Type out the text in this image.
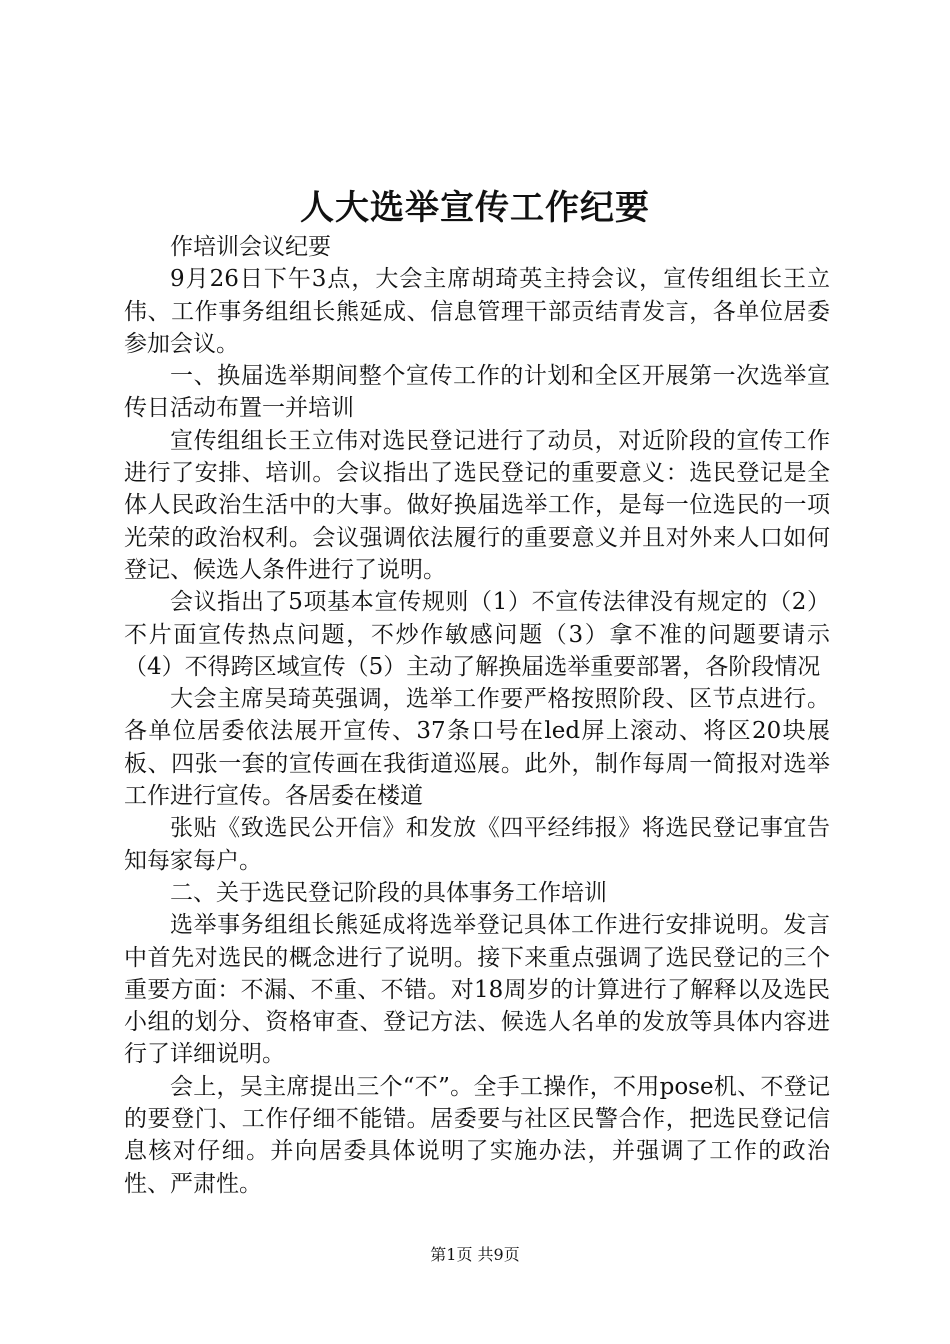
人大选举宣传工作纪要

作培训会议纪要

9月26日下午3点，大会主席胡琦英主持会议，宣传组组长王立伟、工作事务组组长熊延成、信息管理干部贡结青发言，各单位居委参加会议。

一、换届选举期间整个宣传工作的计划和全区开展第一次选举宣传日活动布置一并培训

宣传组组长王立伟对选民登记进行了动员，对近阶段的宣传工作进行了安排、培训。会议指出了选民登记的重要意义：选民登记是全体人民政治生活中的大事。做好换届选举工作，是每一位选民的一项光荣的政治权利。会议强调依法履行的重要意义并且对外来人口如何登记、候选人条件进行了说明。

会议指出了5项基本宣传规则（1）不宣传法律没有规定的（2）不片面宣传热点问题，不炒作敏感问题（3）拿不准的问题要请示（4）不得跨区域宣传（5）主动了解换届选举重要部署，各阶段情况

大会主席吴琦英强调，选举工作要严格按照阶段、区节点进行。各单位居委依法展开宣传、37条口号在led屏上滚动、将区20块展板、四张一套的宣传画在我街道巡展。此外，制作每周一简报对选举工作进行宣传。各居委在楼道

张贴《致选民公开信》和发放《四平经纬报》将选民登记事宜告知每家每户。

二、关于选民登记阶段的具体事务工作培训

选举事务组组长熊延成将选举登记具体工作进行安排说明。发言中首先对选民的概念进行了说明。接下来重点强调了选民登记的三个重要方面：不漏、不重、不错。对18周岁的计算进行了解释以及选民小组的划分、资格审查、登记方法、候选人名单的发放等具体内容进行了详细说明。

会上，吴主席提出三个“不”。全手工操作，不用pose机、不登记的要登门、工作仔细不能错。居委要与社区民警合作，把选民登记信息核对仔细。并向居委具体说明了实施办法，并强调了工作的政治性、严肃性。

第1页 共9页
